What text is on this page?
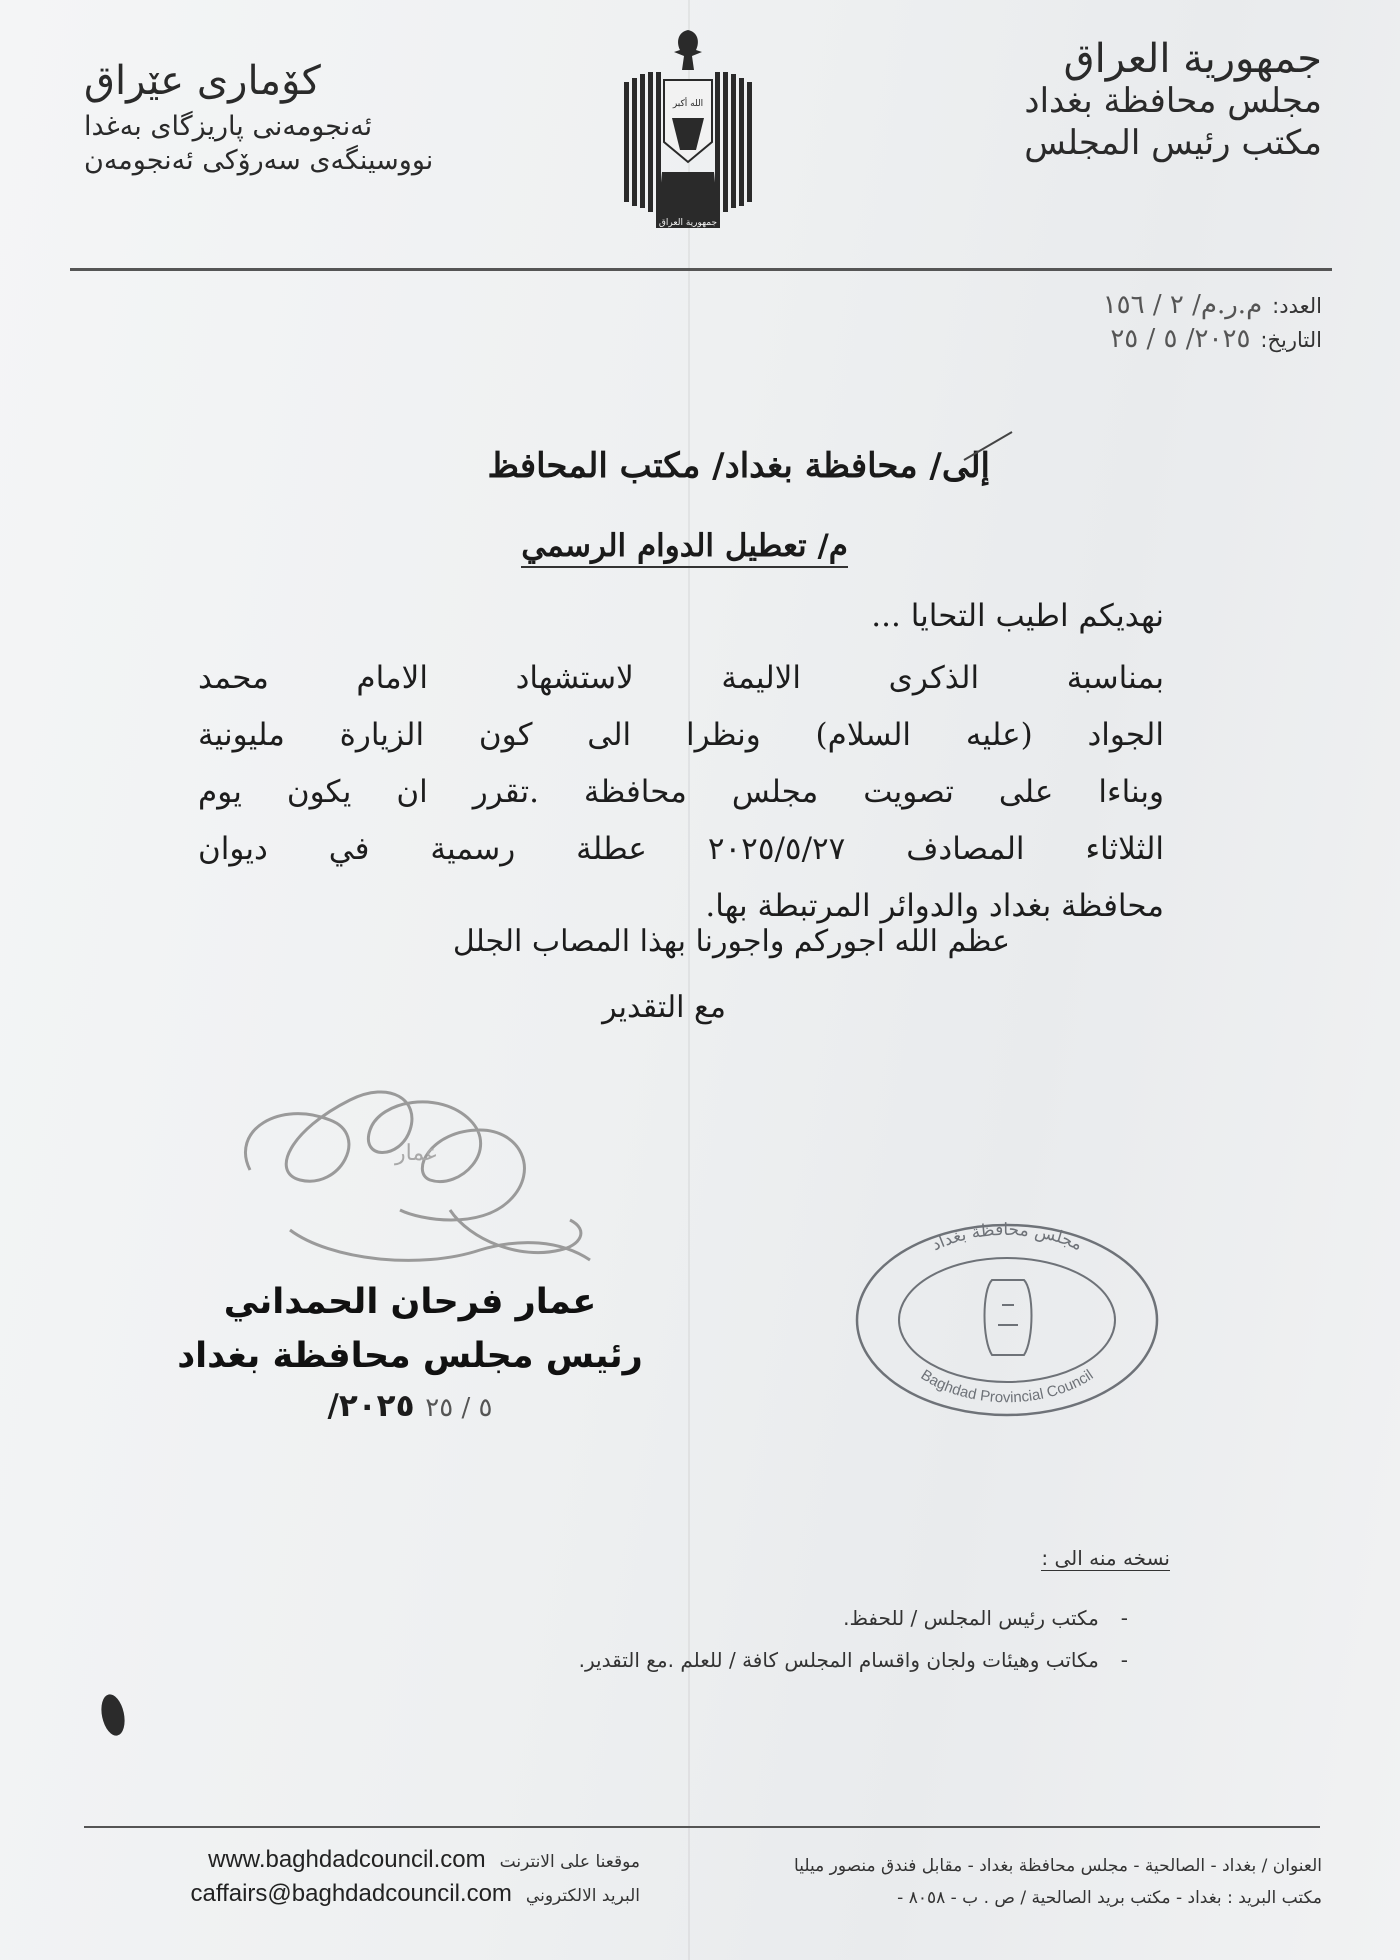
جمهورية العراق
مجلس محافظة بغداد
مكتب رئيس المجلس
كۆماری عێراق
ئەنجومەنی پاریزگای بەغدا
نووسینگەی سەرۆکی ئەنجومەن
الله أكبر
جمهورية العراق
العدد:
م.ر.م/ ٢ / ١٥٦
التاريخ:
٢٠٢٥/ ٥ / ٢٥
إلى/ محافظة بغداد/ مكتب المحافظ
م/ تعطيل الدوام الرسمي
نهديكم اطيب التحايا ...
بمناسبة الذكرى الاليمة لاستشهاد الامام محمد
الجواد (عليه السلام) ونظرا الى كون الزيارة مليونية
وبناءا على تصويت مجلس محافظة .تقرر ان يكون يوم
الثلاثاء المصادف ٢٠٢٥/٥/٢٧ عطلة رسمية في ديوان
محافظة بغداد والدوائر المرتبطة بها.
عظم الله اجوركم واجورنا بهذا المصاب الجلل
مع التقدير
عمار
عمار فرحان الحمداني
رئيس مجلس محافظة بغداد
٥ / ٢٥ ٢٠٢٥/
مجلس محافظة بغداد
Baghdad Provincial Council
نسخه منه الى :
-
مكتب رئيس المجلس / للحفظ.
-
مكاتب وهيئات ولجان واقسام المجلس كافة / للعلم .مع التقدير.
العنوان / بغداد - الصالحية - مجلس محافظة بغداد - مقابل فندق منصور ميليا
مكتب البريد : بغداد - مكتب بريد الصالحية / ص . ب - ٨٠٥٨ -
www.baghdadcouncil.com موقعنا على الانترنت
caffairs@baghdadcouncil.com البريد الالكتروني
